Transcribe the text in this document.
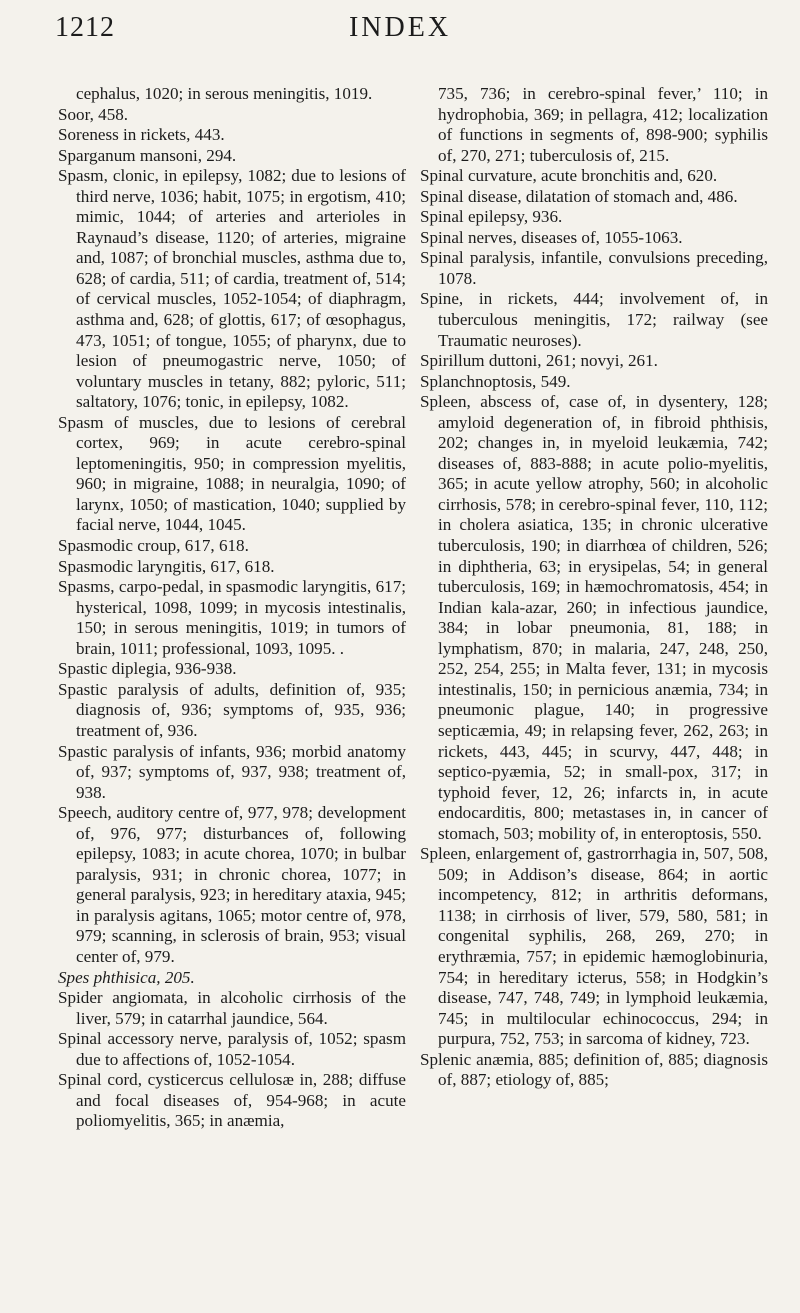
1212	INDEX

cephalus, 1020; in serous meningitis, 1019.

Soor, 458.

Soreness in rickets, 443.

Sparganum mansoni, 294.

Spasm, clonic, in epilepsy, 1082; due to lesions of third nerve, 1036; habit, 1075; in ergotism, 410; mimic, 1044; of arteries and arterioles in Raynaud’s disease, 1120; of arteries, migraine and, 1087; of bronchial muscles, asthma due to, 628; of cardia, 511; of cardia, treatment of, 514; of cervical muscles, 1052-1054; of diaphragm, asthma and, 628; of glottis, 617; of œsophagus, 473, 1051; of tongue, 1055; of pharynx, due to lesion of pneumogastric nerve, 1050; of voluntary muscles in tetany, 882; pyloric, 511; saltatory, 1076; tonic, in epilepsy, 1082.

Spasm of muscles, due to lesions of cerebral cortex, 969; in acute cerebro-spinal leptomeningitis, 950; in compression myelitis, 960; in migraine, 1088; in neuralgia, 1090; of larynx, 1050; of mastication, 1040; supplied by facial nerve, 1044, 1045.

Spasmodic croup, 617, 618.

Spasmodic laryngitis, 617, 618.

Spasms, carpo-pedal, in spasmodic laryngitis, 617; hysterical, 1098, 1099; in mycosis intestinalis, 150; in serous meningitis, 1019; in tumors of brain, 1011; professional, 1093, 1095. .

Spastic diplegia, 936-938.

Spastic paralysis of adults, definition of, 935; diagnosis of, 936; symptoms of, 935, 936; treatment of, 936.

Spastic paralysis of infants, 936; morbid anatomy of, 937; symptoms of, 937, 938; treatment of, 938.

Speech, auditory centre of, 977, 978; development of, 976, 977; disturbances of, following epilepsy, 1083; in acute chorea, 1070; in bulbar paralysis, 931; in chronic chorea, 1077; in general paralysis, 923; in hereditary ataxia, 945; in paralysis agitans, 1065; motor centre of, 978, 979; scanning, in sclerosis of brain, 953; visual center of, 979.

Spes phthisica, 205.

Spider angiomata, in alcoholic cirrhosis of the liver, 579; in catarrhal jaundice, 564.

Spinal accessory nerve, paralysis of, 1052; spasm due to affections of, 1052-1054.

Spinal cord, cysticercus cellulosæ in, 288; diffuse and focal diseases of, 954-968; in acute poliomyelitis, 365; in anæmia,

735, 736; in cerebro-spinal fever,’ 110; in hydrophobia, 369; in pellagra, 412; localization of functions in segments of, 898-900; syphilis of, 270, 271; tuberculosis of, 215.

Spinal curvature, acute bronchitis and, 620.

Spinal disease, dilatation of stomach and, 486.

Spinal epilepsy, 936.

Spinal nerves, diseases of, 1055-1063.

Spinal paralysis, infantile, convulsions preceding, 1078.

Spine, in rickets, 444; involvement of, in tuberculous meningitis, 172; railway (see Traumatic neuroses).

Spirillum duttoni, 261; novyi, 261.

Splanchnoptosis, 549.

Spleen, abscess of, case of, in dysentery, 128; amyloid degeneration of, in fibroid phthisis, 202; changes in, in myeloid leukæmia, 742; diseases of, 883-888; in acute polio-myelitis, 365; in acute yellow atrophy, 560; in alcoholic cirrhosis, 578; in cerebro-spinal fever, 110, 112; in cholera asiatica, 135; in chronic ulcerative tuberculosis, 190; in diarrhœa of children, 526; in diphtheria, 63; in erysipelas, 54; in general tuberculosis, 169; in hæmochromatosis, 454; in Indian kala-azar, 260; in infectious jaundice, 384; in lobar pneumonia, 81, 188; in lymphatism, 870; in malaria, 247, 248, 250, 252, 254, 255; in Malta fever, 131; in mycosis intestinalis, 150; in pernicious anæmia, 734; in pneumonic plague, 140; in progressive septicæmia, 49; in relapsing fever, 262, 263; in rickets, 443, 445; in scurvy, 447, 448; in septico-pyæmia, 52; in small-pox, 317; in typhoid fever, 12, 26; infarcts in, in acute endocarditis, 800; metastases in, in cancer of stomach, 503; mobility of, in enteroptosis, 550.

Spleen, enlargement of, gastrorrhagia in, 507, 508, 509; in Addison’s disease, 864; in aortic incompetency, 812; in arthritis deformans, 1138; in cirrhosis of liver, 579, 580, 581; in congenital syphilis, 268, 269, 270; in erythræmia, 757; in epidemic hæmoglobinuria, 754; in hereditary icterus, 558; in Hodgkin’s disease, 747, 748, 749; in lymphoid leukæmia, 745; in multilocular echinococcus, 294; in purpura, 752, 753; in sarcoma of kidney, 723.

Splenic anæmia, 885; definition of, 885; diagnosis of, 887; etiology of, 885;
